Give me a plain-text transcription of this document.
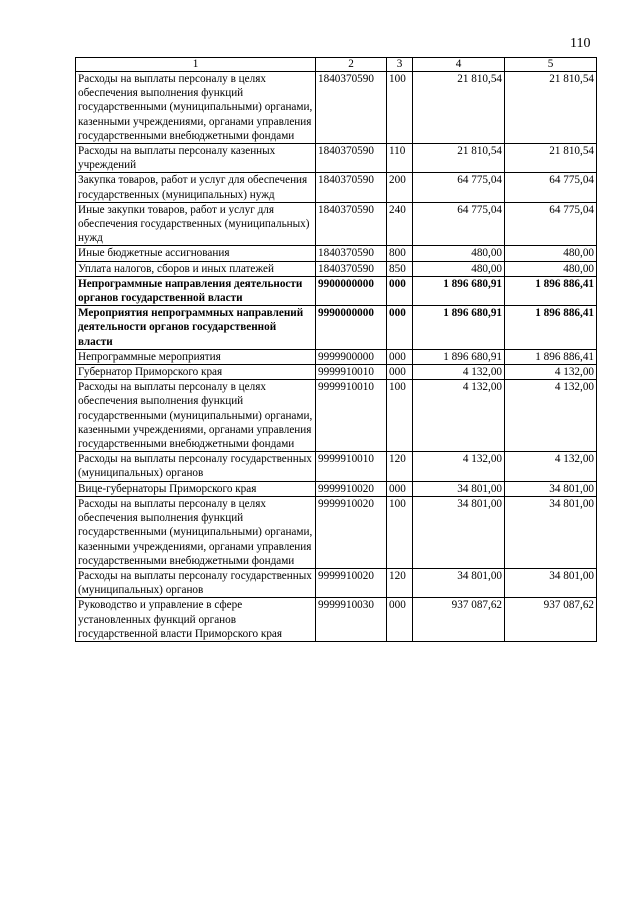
110
1	2	3	4	5
Расходы на выплаты персоналу в целях обеспечения выполнения функций государственными (муниципальными) органами, казенными учреждениями, органами управления государственными внебюджетными фондами	1840370590	100	21 810,54	21 810,54
Расходы на выплаты персоналу казенных учреждений	1840370590	110	21 810,54	21 810,54
Закупка товаров, работ и услуг для обеспечения государственных (муниципальных) нужд	1840370590	200	64 775,04	64 775,04
Иные закупки товаров, работ и услуг для обеспечения государственных (муниципальных) нужд	1840370590	240	64 775,04	64 775,04
Иные бюджетные ассигнования	1840370590	800	480,00	480,00
Уплата налогов, сборов и иных платежей	1840370590	850	480,00	480,00
Непрограммные направления деятельности органов государственной власти	9900000000	000	1 896 680,91	1 896 886,41
Мероприятия непрограммных направлений деятельности органов государственной власти	9990000000	000	1 896 680,91	1 896 886,41
Непрограммные мероприятия	9999900000	000	1 896 680,91	1 896 886,41
Губернатор Приморского края	9999910010	000	4 132,00	4 132,00
Расходы на выплаты персоналу в целях обеспечения выполнения функций государственными (муниципальными) органами, казенными учреждениями, органами управления государственными внебюджетными фондами	9999910010	100	4 132,00	4 132,00
Расходы на выплаты персоналу государственных (муниципальных) органов	9999910010	120	4 132,00	4 132,00
Вице-губернаторы Приморского края	9999910020	000	34 801,00	34 801,00
Расходы на выплаты персоналу в целях обеспечения выполнения функций государственными (муниципальными) органами, казенными учреждениями, органами управления государственными внебюджетными фондами	9999910020	100	34 801,00	34 801,00
Расходы на выплаты персоналу государственных (муниципальных) органов	9999910020	120	34 801,00	34 801,00
Руководство и управление в сфере установленных функций органов государственной власти Приморского края	9999910030	000	937 087,62	937 087,62
